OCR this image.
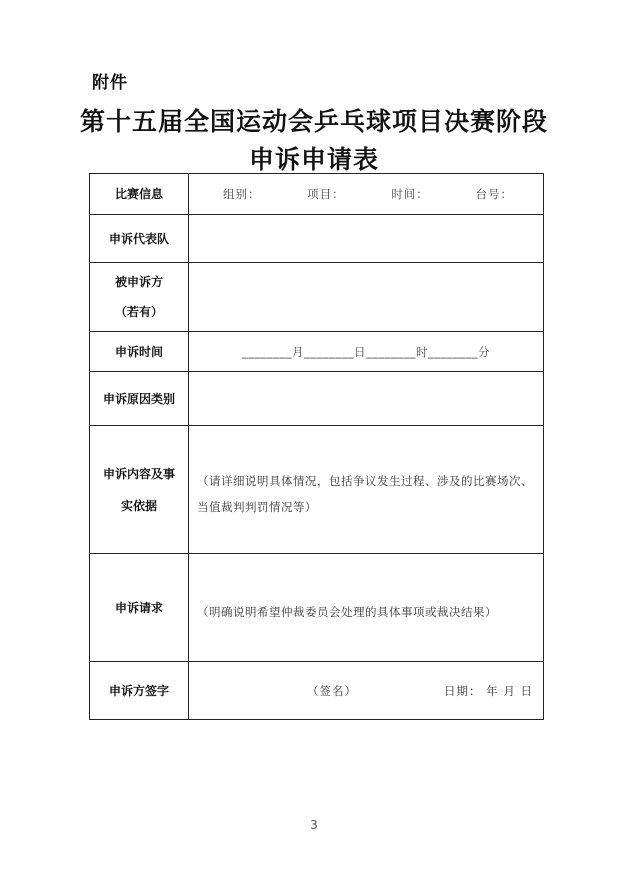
附件
第十五届全国运动会乒乓球项目决赛阶段
申诉申请表
比赛信息	组别： 项目： 时间： 台号：

申诉代表队	

被申诉方
（若有）	

申诉时间	________月________日________时________分

申诉原因类别	

申诉内容及事
实依据	（请详细说明具体情况，包括争议发生过程、涉及的比赛场次、当值裁判判罚情况等）

申诉请求	（明确说明希望仲裁委员会处理的具体事项或裁决结果）

申诉方签字	（签名） 日期： 年 月 日
3
